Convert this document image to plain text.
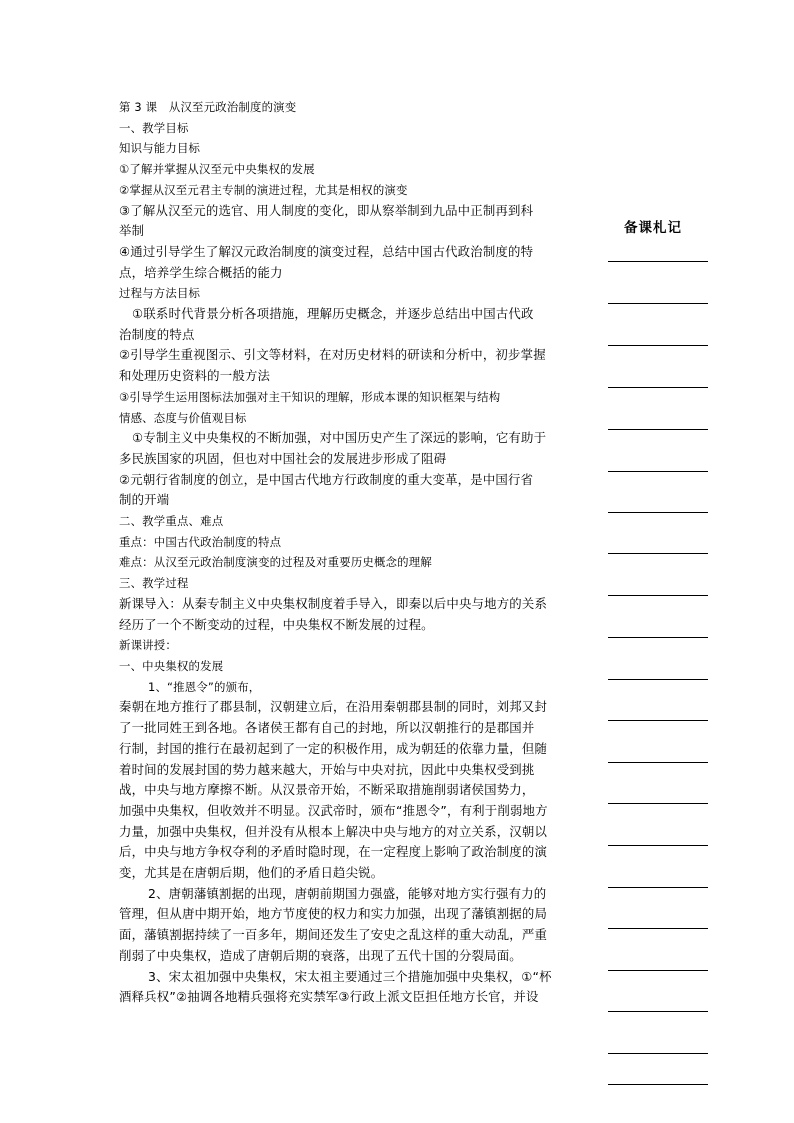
第 3 课　从汉至元政治制度的演变
一、教学目标
知识与能力目标
①了解并掌握从汉至元中央集权的发展
②掌握从汉至元君主专制的演进过程，尤其是相权的演变
③了解从汉至元的选官、用人制度的变化，即从察举制到九品中正制再到科
举制
④通过引导学生了解汉元政治制度的演变过程，总结中国古代政治制度的特
点，培养学生综合概括的能力
过程与方法目标
①联系时代背景分析各项措施，理解历史概念，并逐步总结出中国古代政
治制度的特点
②引导学生重视图示、引文等材料，在对历史材料的研读和分析中，初步掌握
和处理历史资料的一般方法
③引导学生运用图标法加强对主干知识的理解，形成本课的知识框架与结构
情感、态度与价值观目标
①专制主义中央集权的不断加强，对中国历史产生了深远的影响，它有助于
多民族国家的巩固，但也对中国社会的发展进步形成了阻碍
②元朝行省制度的创立，是中国古代地方行政制度的重大变革，是中国行省
制的开端
二、教学重点、难点
重点：中国古代政治制度的特点
难点：从汉至元政治制度演变的过程及对重要历史概念的理解
三、教学过程
新课导入：从秦专制主义中央集权制度着手导入，即秦以后中央与地方的关系
经历了一个不断变动的过程，中央集权不断发展的过程。
新课讲授：
一、中央集权的发展
1、“推恩令”的颁布，
秦朝在地方推行了郡县制，汉朝建立后，在沿用秦朝郡县制的同时，刘邦又封
了一批同姓王到各地。各诸侯王都有自己的封地，所以汉朝推行的是郡国并
行制，封国的推行在最初起到了一定的积极作用，成为朝廷的依靠力量，但随
着时间的发展封国的势力越来越大，开始与中央对抗，因此中央集权受到挑
战，中央与地方摩擦不断。从汉景帝开始，不断采取措施削弱诸侯国势力，
加强中央集权，但收效并不明显。汉武帝时，颁布“推恩令”，有利于削弱地方
力量，加强中央集权，但并没有从根本上解决中央与地方的对立关系，汉朝以
后，中央与地方争权夺利的矛盾时隐时现，在一定程度上影响了政治制度的演
变，尤其是在唐朝后期，他们的矛盾日趋尖锐。
2、唐朝藩镇割据的出现，唐朝前期国力强盛，能够对地方实行强有力的
管理，但从唐中期开始，地方节度使的权力和实力加强，出现了藩镇割据的局
面，藩镇割据持续了一百多年，期间还发生了安史之乱这样的重大动乱，严重
削弱了中央集权，造成了唐朝后期的衰落，出现了五代十国的分裂局面。
3、宋太祖加强中央集权，宋太祖主要通过三个措施加强中央集权，①“杯
酒释兵权”②抽调各地精兵强将充实禁军③行政上派文臣担任地方长官，并设
备课札记
